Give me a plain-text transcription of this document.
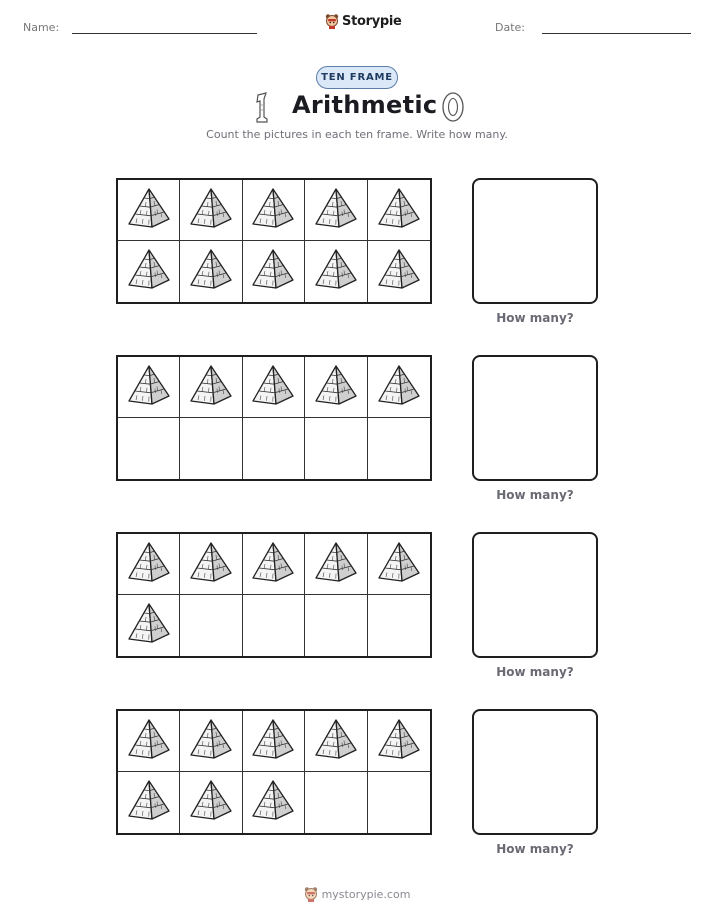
Name:	Storypie	Date:
TEN FRAME
Arithmetic
Count the pictures in each ten frame. Write how many.
How many?
How many?
How many?
How many?
mystorypie.com
